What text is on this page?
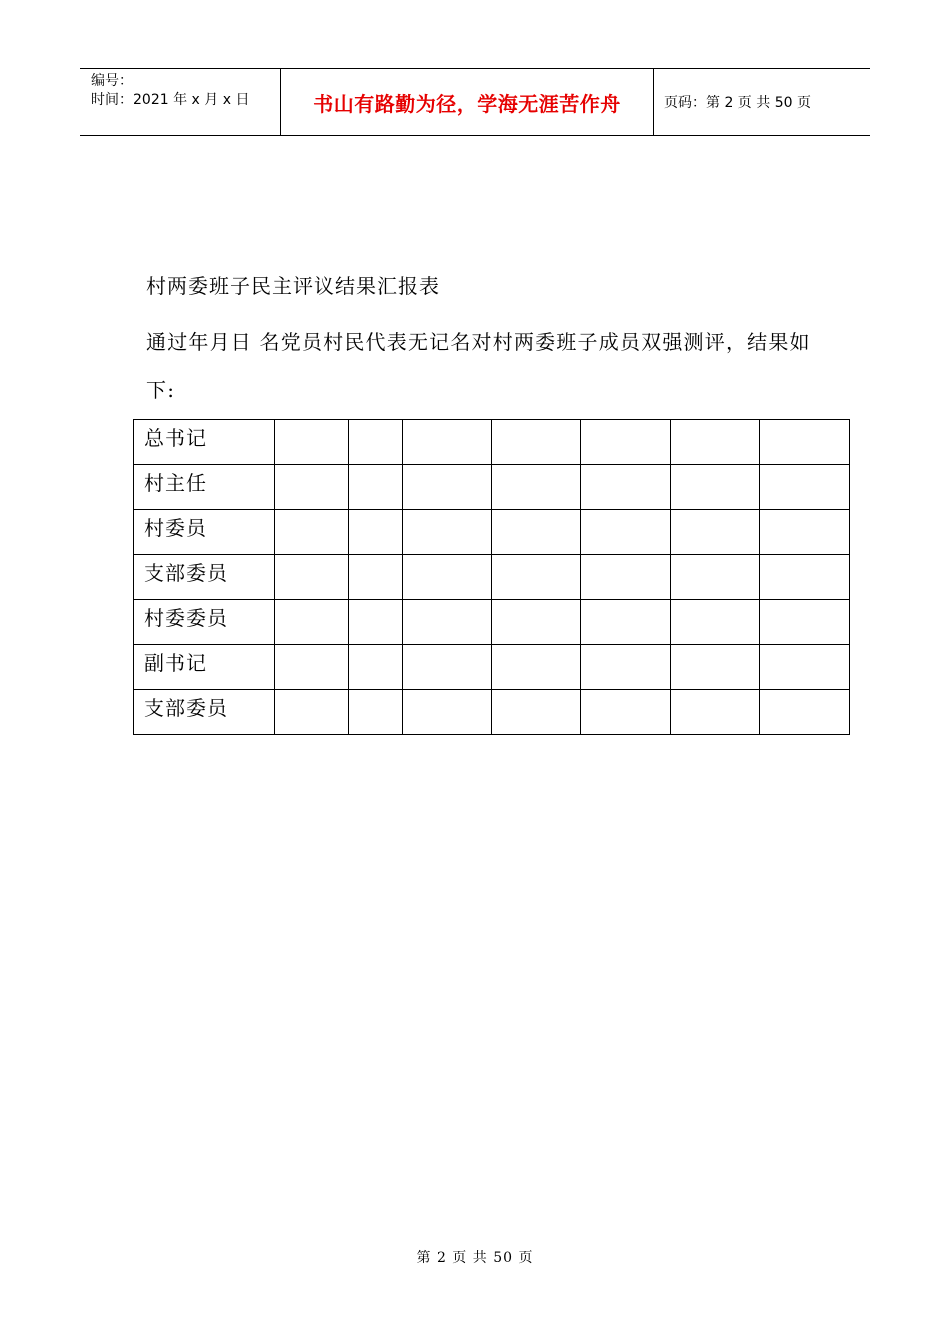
编号：
时间：2021 年 x 月 x 日	书山有路勤为径，学海无涯苦作舟	页码：第 2 页 共 50 页
村两委班子民主评议结果汇报表
通过年月日 名党员村民代表无记名对村两委班子成员双强测评，结果如下:
总书记							
村主任							
村委员							
支部委员							
村委委员							
副书记							
支部委员							
第 2 页 共 50 页
